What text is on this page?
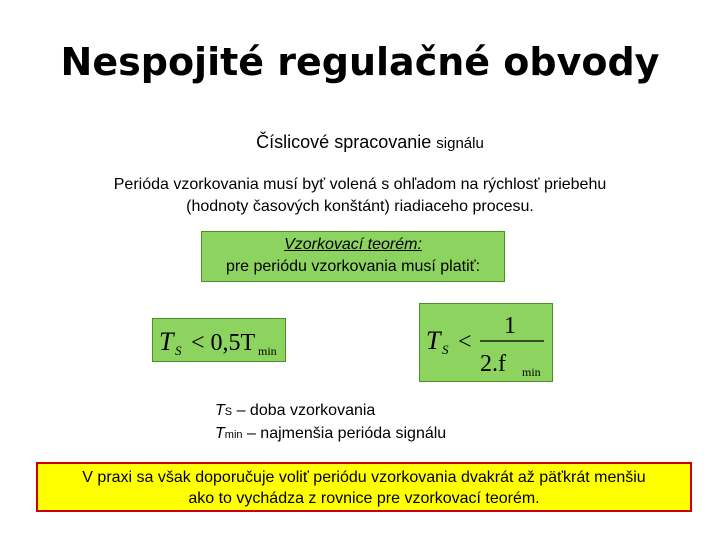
Nespojité regulačné obvody
Číslicové spracovanie signálu
Perióda vzorkovania musí byť volená s ohľadom na rýchlosť priebehu
(hodnoty časových konštánt) riadiaceho procesu.
Vzorkovací teorém:
pre periódu vzorkovania musí platiť:
T S < 0,5T min	T S <
1
2.f min
TS – doba vzorkovania
Tmin – najmenšia perióda signálu
V praxi sa však doporučuje voliť periódu vzorkovania dvakrát až päťkrát menšiu
ako to vychádza z rovnice pre vzorkovací teorém.
